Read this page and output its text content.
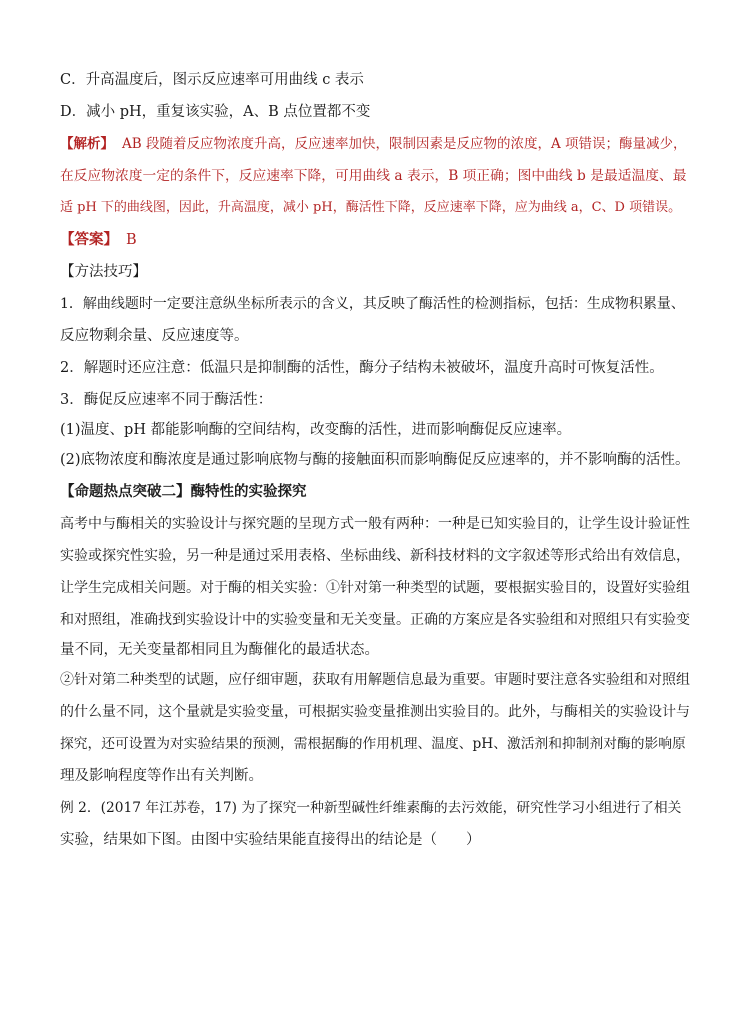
C．升高温度后，图示反应速率可用曲线 c 表示
D．减小 pH，重复该实验，A、B 点位置都不变
【解析】 AB 段随着反应物浓度升高，反应速率加快，限制因素是反应物的浓度，A 项错误；酶量减少，
在反应物浓度一定的条件下，反应速率下降，可用曲线 a 表示，B 项正确；图中曲线 b 是最适温度、最
适 pH 下的曲线图，因此，升高温度，减小 pH，酶活性下降，反应速率下降，应为曲线 a，C、D 项错误。
【答案】 B
【方法技巧】
1．解曲线题时一定要注意纵坐标所表示的含义，其反映了酶活性的检测指标，包括：生成物积累量、
反应物剩余量、反应速度等。
2．解题时还应注意：低温只是抑制酶的活性，酶分子结构未被破坏，温度升高时可恢复活性。
3．酶促反应速率不同于酶活性：
(1)温度、pH 都能影响酶的空间结构，改变酶的活性，进而影响酶促反应速率。
(2)底物浓度和酶浓度是通过影响底物与酶的接触面积而影响酶促反应速率的，并不影响酶的活性。
【命题热点突破二】酶特性的实验探究
高考中与酶相关的实验设计与探究题的呈现方式一般有两种：一种是已知实验目的，让学生设计验证性
实验或探究性实验，另一种是通过采用表格、坐标曲线、新科技材料的文字叙述等形式给出有效信息，
让学生完成相关问题。对于酶的相关实验：①针对第一种类型的试题，要根据实验目的，设置好实验组
和对照组，准确找到实验设计中的实验变量和无关变量。正确的方案应是各实验组和对照组只有实验变
量不同，无关变量都相同且为酶催化的最适状态。
②针对第二种类型的试题，应仔细审题，获取有用解题信息最为重要。审题时要注意各实验组和对照组
的什么量不同，这个量就是实验变量，可根据实验变量推测出实验目的。此外，与酶相关的实验设计与
探究，还可设置为对实验结果的预测，需根据酶的作用机理、温度、pH、激活剂和抑制剂对酶的影响原
理及影响程度等作出有关判断。
例 2．(2017 年江苏卷，17) 为了探究一种新型碱性纤维素酶的去污效能，研究性学习小组进行了相关
实验，结果如下图。由图中实验结果能直接得出的结论是（　　）
